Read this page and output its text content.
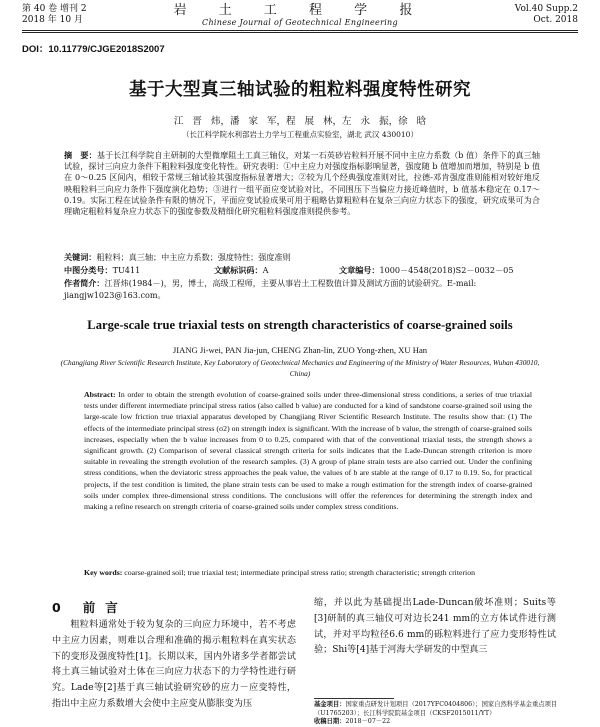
第 40 卷 增刊 2
2018 年 10 月
岩 土 工 程 学 报
Chinese Journal of Geotechnical Engineering
Vol.40 Supp.2
Oct. 2018
DOI：10.11779/CJGE2018S2007
基于大型真三轴试验的粗粒料强度特性研究
江 晋 炜，潘 家 军，程 展 林，左 永 振，徐 晗
（长江科学院水利部岩土力学与工程重点实验室，湖北 武汉 430010）
摘　要：基于长江科学院自主研制的大型微摩阻土工真三轴仪，对某一石英砂岩粒料开展不同中主应力系数（b 值）条件下的真三轴试验，探讨三向应力条件下粗粒料强度变化特性。研究表明：①中主应力对强度指标影响显著，强度随 b 值增加而增加，特别是 b 值在 0～0.25 区间内，相较于常规三轴试验其强度指标显著增大；②较为几个经典强度准则对比，拉德-邓肯强度准则能相对较好地反映粗粒料三向应力条件下强度演化趋势；③进行一组平面应变试验对比，不同围压下当偏应力接近峰值时，b 值基本稳定在 0.17～0.19。实际工程在试验条件有限的情况下，平面应变试验成果可用于粗略估算粗粒料在复杂三向应力状态下的强度，研究成果可为合理确定粗粒料复杂应力状态下的强度参数及精细化研究粗粒料强度准则提供参考。
关键词：粗粒料；真三轴；中主应力系数；强度特性；强度准则
中图分类号：TU411	文献标识码：A	文章编号：1000－4548(2018)S2－0032－05
作者简介：江晋炜(1984－)，男，博士，高级工程师，主要从事岩土工程数值计算及测试方面的试验研究。E-mail: jiangjw1023@163.com。
Large-scale true triaxial tests on strength characteristics of coarse-grained soils
JIANG Ji-wei, PAN Jia-jun, CHENG Zhan-lin, ZUO Yong-zhen, XU Han
(Changjiang River Scientific Research Institute, Key Laboratory of Geotechnical Mechanics and Engineering of the Ministry of Water Resources, Wuhan 430010, China)
Abstract: In order to obtain the strength evolution of coarse-grained soils under three-dimensional stress conditions, a series of true triaxial tests under different intermediate principal stress ratios (also called b value) are conducted for a kind of sandstone coarse-grained soil using the large-scale low friction true triaxial apparatus developed by Changjiang River Scientific Research Institute. The results show that: (1) The effects of the intermediate principal stress (σ2) on strength index is significant. With the increase of b value, the strength of coarse-grained soils increases, especially when the b value increases from 0 to 0.25, compared with that of the conventional triaxial tests, the strength shows a significant growth. (2) Comparison of several classical strength criteria for soils indicates that the Lade-Duncan strength criterion is more suitable in revealing the strength evolution of the research samples. (3) A group of plane strain tests are also carried out. Under the confining stress conditions, when the deviatoric stress approaches the peak value, the values of b are stable at the range of 0.17 to 0.19. So, for practical projects, if the test condition is limited, the plane strain tests can be used to make a rough estimation for the strength index of coarse-grained soils under complex three-dimensional stress conditions. The conclusions will offer the references for determining the strength index and making a refine research on strength criteria of coarse-grained soils under complex stress conditions.
Key words: coarse-grained soil; true triaxial test; intermediate principal stress ratio; strength characteristic; strength criterion
0 前言
粗粒料通常处于较为复杂的三向应力环境中，若不考虑中主应力因素，则难以合理和准确的揭示粗粒料在真实状态下的变形及强度特性[1]。长期以来，国内外诸多学者都尝试将土真三轴试验对土体在三向应力状态下的力学特性进行研究。Lade等[2]基于真三轴试验研究砂的应力－应变特性，指出中主应力系数增大会使中主应变从膨胀变为压
缩，并以此为基础提出Lade-Duncan破坏准则；Suits等[3]研制的真三轴仪可对边长241 mm的立方体试件进行测试，并对平均粒径6.6 mm的砾粒料进行了应力变形特性试验；Shi等[4]基于河海大学研发的中型真三
基金项目：国家重点研发计划项目（2017YFC0404806）；国家自然科学基金重点项目（U1765203）；长江科学院院基金项目（CKSF2015011/YT）
收稿日期：2018－07－22
